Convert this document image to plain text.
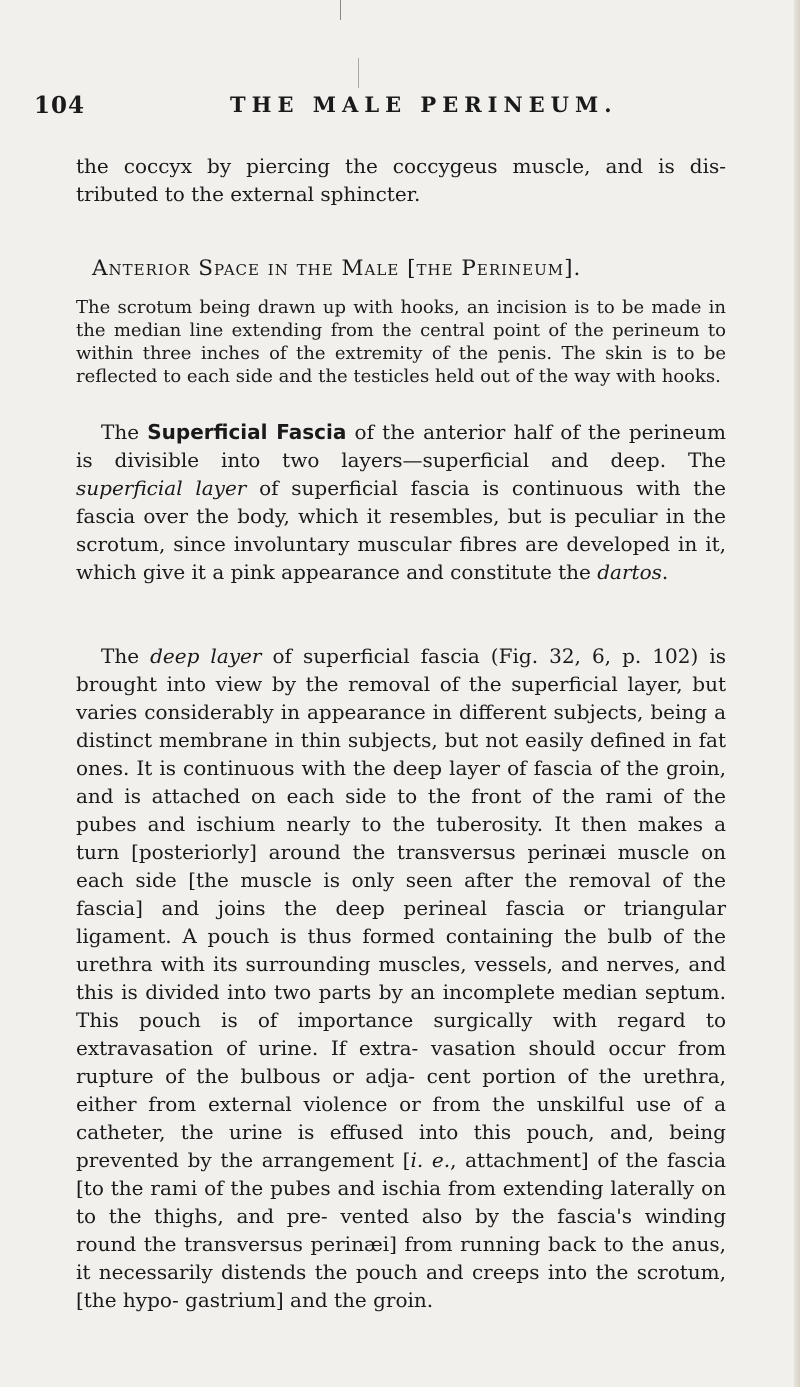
104	THE MALE PERINEUM.
the coccyx by piercing the coccygeus muscle, and is dis- tributed to the external sphincter.
Anterior Space in the Male [the Perineum].
The scrotum being drawn up with hooks, an incision is to be made in the median line extending from the central point of the perineum to within three inches of the extremity of the penis. The skin is to be reflected to each side and the testicles held out of the way with hooks.
The Superficial Fascia of the anterior half of the perineum is divisible into two layers—superficial and deep. The superficial layer of superficial fascia is continuous with the fascia over the body, which it resembles, but is peculiar in the scrotum, since involuntary muscular fibres are developed in it, which give it a pink appearance and constitute the dartos.
The deep layer of superficial fascia (Fig. 32, 6, p. 102) is brought into view by the removal of the superficial layer, but varies considerably in appearance in different subjects, being a distinct membrane in thin subjects, but not easily defined in fat ones. It is continuous with the deep layer of fascia of the groin, and is attached on each side to the front of the rami of the pubes and ischium nearly to the tuberosity. It then makes a turn [posteriorly] around the transversus perinæi muscle on each side [the muscle is only seen after the removal of the fascia] and joins the deep perineal fascia or triangular ligament. A pouch is thus formed containing the bulb of the urethra with its surrounding muscles, vessels, and nerves, and this is divided into two parts by an incomplete median septum. This pouch is of importance surgically with regard to extravasation of urine. If extra- vasation should occur from rupture of the bulbous or adja- cent portion of the urethra, either from external violence or from the unskilful use of a catheter, the urine is effused into this pouch, and, being prevented by the arrangement [i. e., attachment] of the fascia [to the rami of the pubes and ischia from extending laterally on to the thighs, and pre- vented also by the fascia's winding round the transversus perinæi] from running back to the anus, it necessarily distends the pouch and creeps into the scrotum, [the hypo- gastrium] and the groin.
